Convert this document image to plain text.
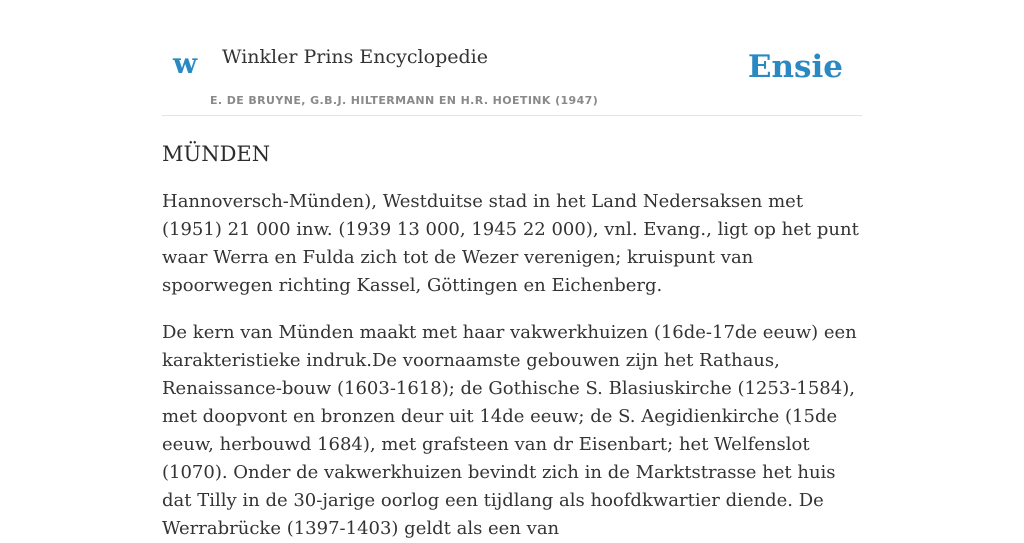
w Winkler Prins Encyclopedie
E. DE BRUYNE, G.B.J. HILTERMANN EN H.R. HOETINK (1947)
Ensie
MÜNDEN

Hannoversch-Münden), Westduitse stad in het Land Nedersaksen met (1951) 21 000 inw. (1939 13 000, 1945 22 000), vnl. Evang., ligt op het punt waar Werra en Fulda zich tot de Wezer verenigen; kruispunt van spoorwegen richting Kassel, Göttingen en Eichenberg.

De kern van Münden maakt met haar vakwerkhuizen (16de-17de eeuw) een karakteristieke indruk.De voornaamste gebouwen zijn het Rathaus, Renaissance-bouw (1603-1618); de Gothische S. Blasiuskirche (1253-1584), met doopvont en bronzen deur uit 14de eeuw; de S. Aegidienkirche (15de eeuw, herbouwd 1684), met grafsteen van dr Eisenbart; het Welfenslot (1070). Onder de vakwerkhuizen bevindt zich in de Marktstrasse het huis dat Tilly in de 30-jarige oorlog een tijdlang als hoofdkwartier diende. De Werrabrücke (1397-1403) geldt als een van
